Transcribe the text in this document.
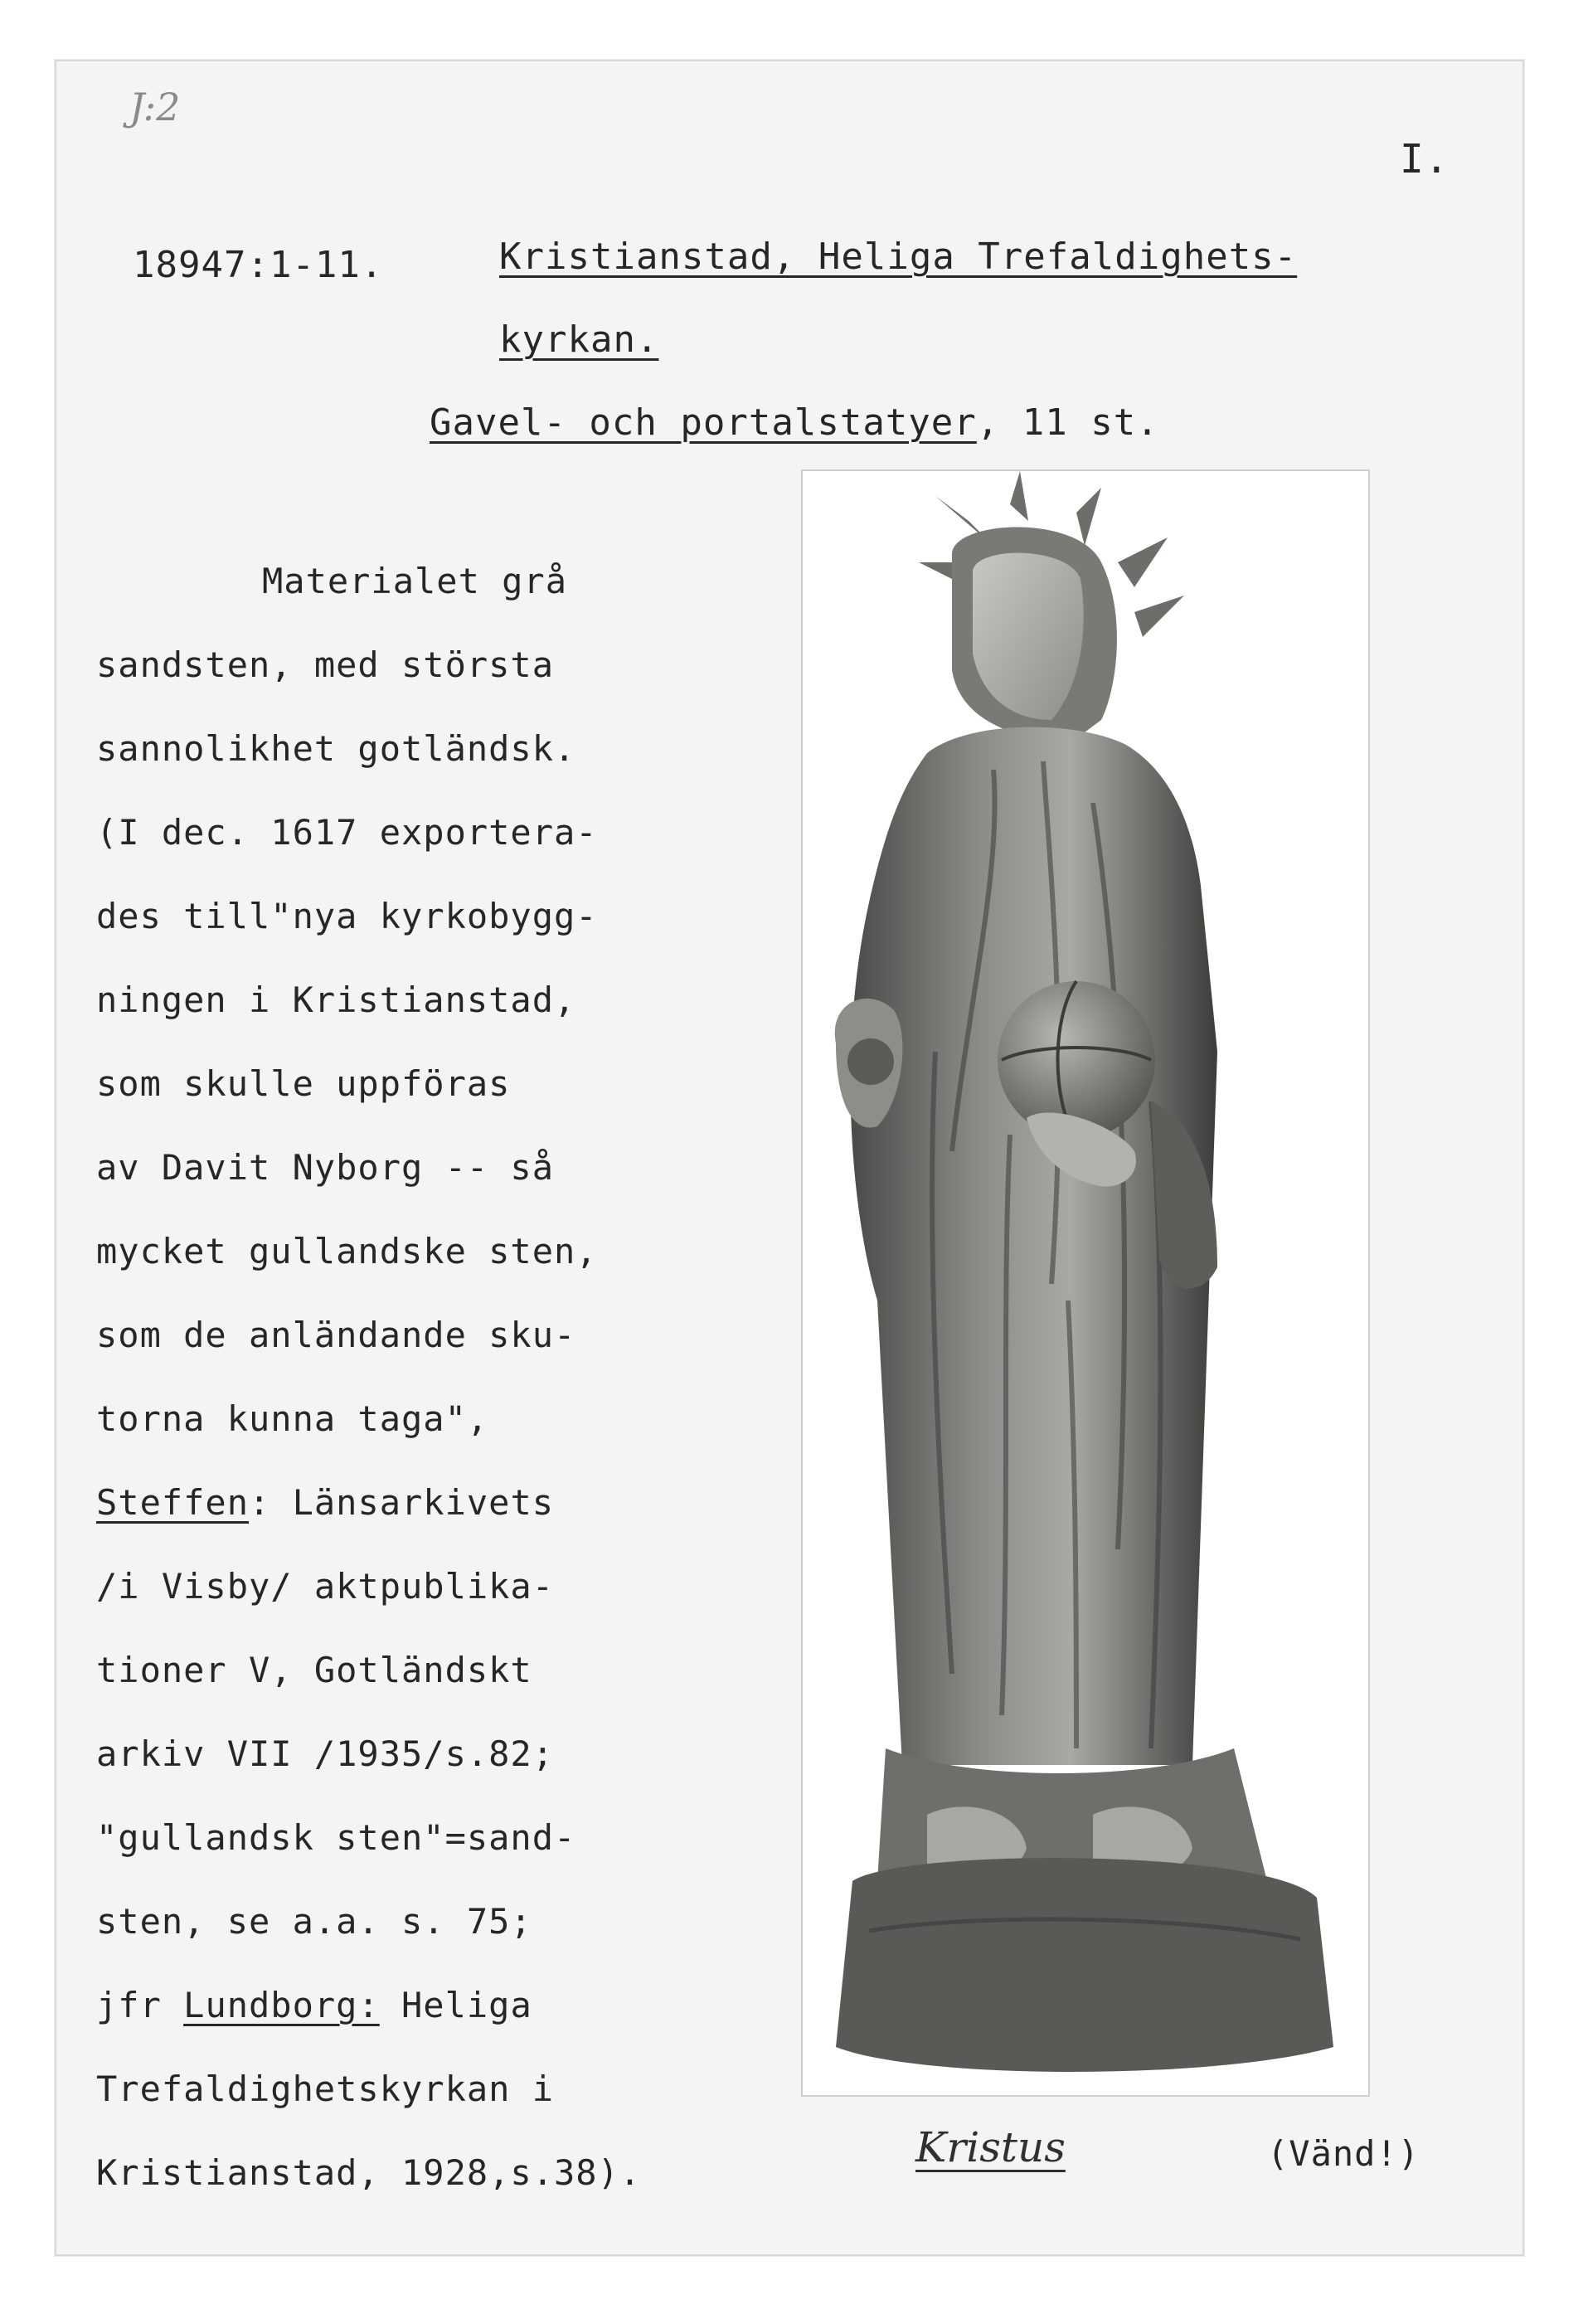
J:2
I.
18947:1-11.	Kristianstad, Heliga Trefaldighets-
kyrkan.
Gavel- och portalstatyer, 11 st.
Materialet grå
sandsten, med största
sannolikhet gotländsk.
(I dec. 1617 exportera-
des till"nya kyrkobygg-
ningen i Kristianstad,
som skulle uppföras
av Davit Nyborg -- så
mycket gullandske sten,
som de anländande sku-
torna kunna taga",
Steffen: Länsarkivets
/i Visby/ aktpublika-
tioner V, Gotländskt
arkiv VII /1935/s.82;
"gullandsk sten"=sand-
sten, se a.a. s. 75;
jfr Lundborg: Heliga
Trefaldighetskyrkan i
Kristianstad, 1928,s.38).
Kristus	(Vänd!)
